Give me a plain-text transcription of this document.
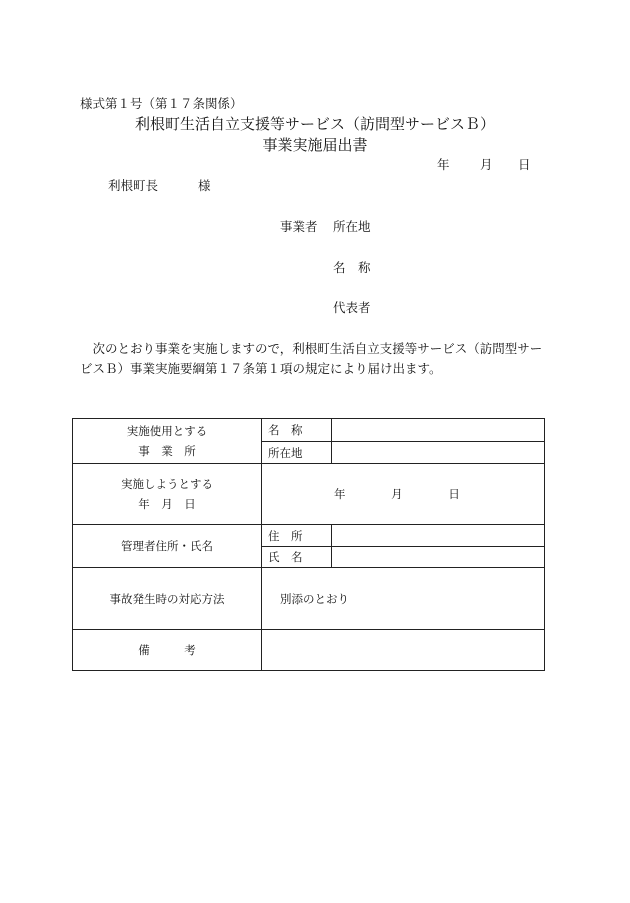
様式第１号（第１７条関係）
利根町生活自立支援等サービス（訪問型サービスＢ）
事業実施届出書
年 月 日
利根町長	様
事業者 所在地
名　称
代表者
次のとおり事業を実施しますので，利根町生活自立支援等サービス（訪問型サービスＢ）事業実施要綱第１７条第１項の規定により届け出ます。
実施使用とする
事　業　所	名　称	
	所在地	

実施しようとする
年　月　日	年 月 日	
管理者住所・氏名	住　所	
	氏　名	
事故発生時の対応方法	別添のとおり	
備　　　考		
